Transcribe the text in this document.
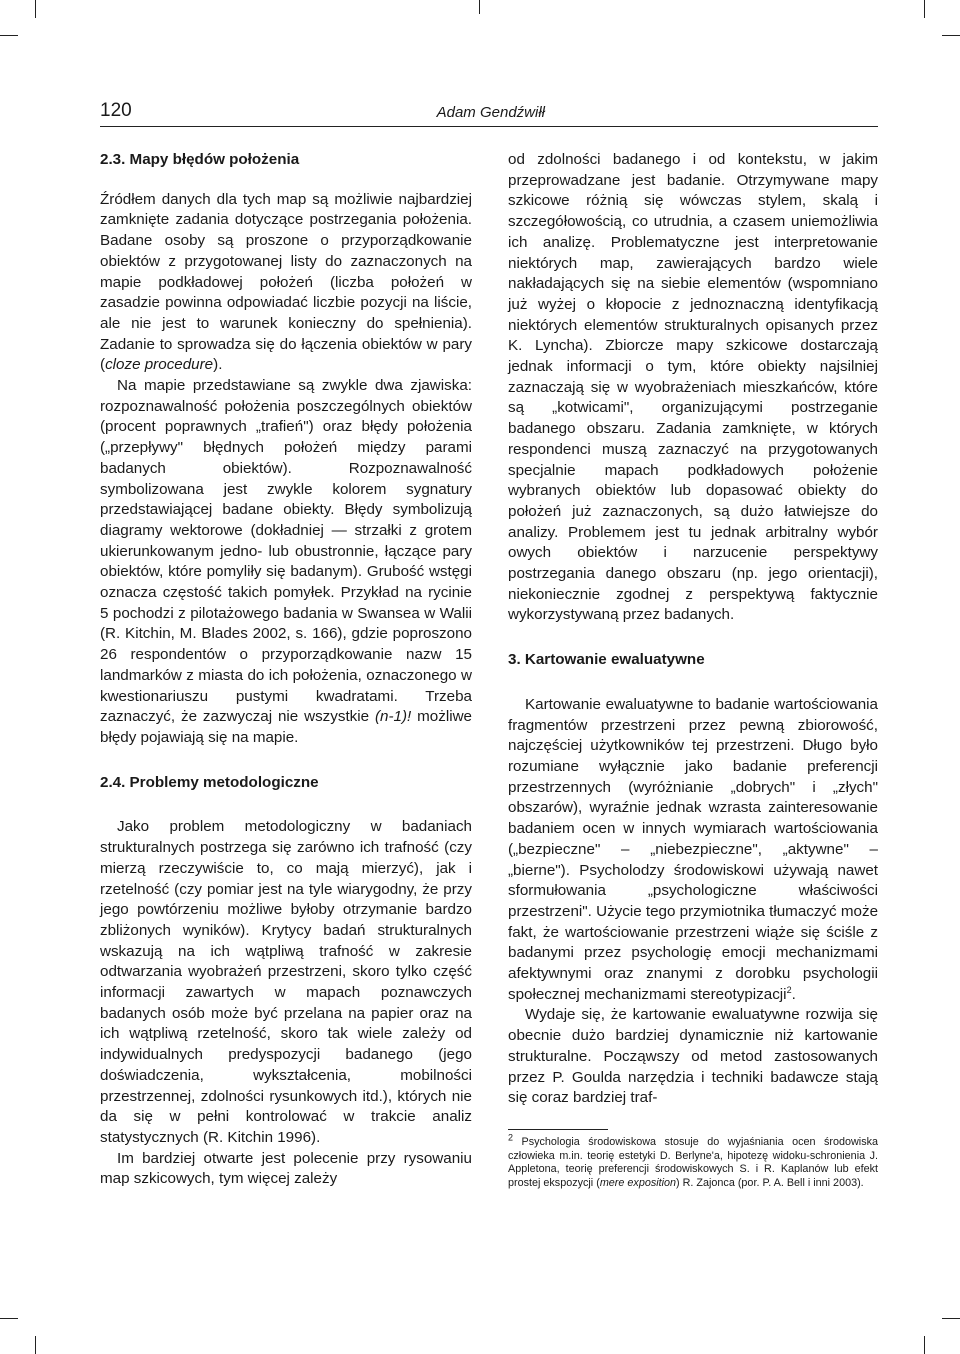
120	Adam Gendźwiłł
2.3. Mapy błędów położenia

Źródłem danych dla tych map są możliwie najbardziej zamknięte zadania dotyczące postrzegania położenia. Badane osoby są proszone o przyporządkowanie obiektów z przygotowanej listy do zaznaczonych na mapie podkładowej położeń (liczba położeń w zasadzie powinna odpowiadać liczbie pozycji na liście, ale nie jest to warunek konieczny do spełnienia). Zadanie to sprowadza się do łączenia obiektów w pary (cloze procedure).

Na mapie przedstawiane są zwykle dwa zjawiska: rozpoznawalność położenia poszczególnych obiektów (procent poprawnych „trafień") oraz błędy położenia („przepływy" błędnych położeń między parami badanych obiektów). Rozpoznawalność symbolizowana jest zwykle kolorem sygnatury przedstawiającej badane obiekty. Błędy symbolizują diagramy wektorowe (dokładniej — strzałki z grotem ukierunkowanym jedno- lub obustronnie, łączące pary obiektów, które pomyliły się badanym). Grubość wstęgi oznacza częstość takich pomyłek. Przykład na rycinie 5 pochodzi z pilotażowego badania w Swansea w Walii (R. Kitchin, M. Blades 2002, s. 166), gdzie poproszono 26 respondentów o przyporządkowanie nazw 15 landmarków z miasta do ich położenia, oznaczonego w kwestionariuszu pustymi kwadratami. Trzeba zaznaczyć, że zazwyczaj nie wszystkie (n-1)! możliwe błędy pojawiają się na mapie.

2.4. Problemy metodologiczne

Jako problem metodologiczny w badaniach strukturalnych postrzega się zarówno ich trafność (czy mierzą rzeczywiście to, co mają mierzyć), jak i rzetelność (czy pomiar jest na tyle wiarygodny, że przy jego powtórzeniu możliwe byłoby otrzymanie bardzo zbliżonych wyników). Krytycy badań strukturalnych wskazują na ich wątpliwą trafność w zakresie odtwarzania wyobrażeń przestrzeni, skoro tylko część informacji zawartych w mapach poznawczych badanych osób może być przelana na papier oraz na ich wątpliwą rzetelność, skoro tak wiele zależy od indywidualnych predyspozycji badanego (jego doświadczenia, wykształcenia, mobilności przestrzennej, zdolności rysunkowych itd.), których nie da się w pełni kontrolować w trakcie analiz statystycznych (R. Kitchin 1996).

Im bardziej otwarte jest polecenie przy rysowaniu map szkicowych, tym więcej zależy

od zdolności badanego i od kontekstu, w jakim przeprowadzane jest badanie. Otrzymywane mapy szkicowe różnią się wówczas stylem, skalą i szczegółowością, co utrudnia, a czasem uniemożliwia ich analizę. Problematyczne jest interpretowanie niektórych map, zawierających bardzo wiele nakładających się na siebie elementów (wspomniano już wyżej o kłopocie z jednoznaczną identyfikacją niektórych elementów strukturalnych opisanych przez K. Lyncha). Zbiorcze mapy szkicowe dostarczają jednak informacji o tym, które obiekty najsilniej zaznaczają się w wyobrażeniach mieszkańców, które są „kotwicami", organizującymi postrzeganie badanego obszaru. Zadania zamknięte, w których respondenci muszą zaznaczyć na przygotowanych specjalnie mapach podkładowych położenie wybranych obiektów lub dopasować obiekty do położeń już zaznaczonych, są dużo łatwiejsze do analizy. Problemem jest tu jednak arbitralny wybór owych obiektów i narzucenie perspektywy postrzegania danego obszaru (np. jego orientacji), niekoniecznie zgodnej z perspektywą faktycznie wykorzystywaną przez badanych.

3. Kartowanie ewaluatywne

Kartowanie ewaluatywne to badanie wartościowania fragmentów przestrzeni przez pewną zbiorowość, najczęściej użytkowników tej przestrzeni. Długo było rozumiane wyłącznie jako badanie preferencji przestrzennych (wyróżnianie „dobrych" i „złych" obszarów), wyraźnie jednak wzrasta zainteresowanie badaniem ocen w innych wymiarach wartościowania („bezpieczne" – „niebezpieczne", „aktywne" – „bierne"). Psycholodzy środowiskowi używają nawet sformułowania „psychologiczne właściwości przestrzeni". Użycie tego przymiotnika tłumaczyć może fakt, że wartościowanie przestrzeni wiąże się ściśle z badanymi przez psychologię emocji mechanizmami afektywnymi oraz znanymi z dorobku psychologii społecznej mechanizmami stereotypizacji$^2$.

Wydaje się, że kartowanie ewaluatywne rozwija się obecnie dużo bardziej dynamicznie niż kartowanie strukturalne. Począwszy od metod zastosowanych przez P. Goulda narzędzia i techniki badawcze stają się coraz bardziej traf-

$^2$ Psychologia środowiskowa stosuje do wyjaśniania ocen środowiska człowieka m.in. teorię estetyki D. Berlyne'a, hipotezę widoku-schronienia J. Appletona, teorię preferencji środowiskowych S. i R. Kaplanów lub efekt prostej ekspozycji (mere exposition) R. Zajonca (por. P. A. Bell i inni 2003).
